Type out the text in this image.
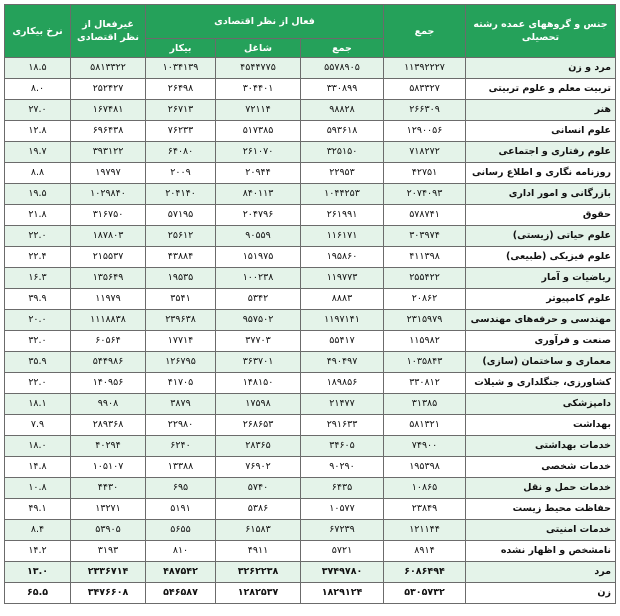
جنس و گروههای عمده رشته تحصیلی	جمع	فعال از نظر اقتصادی			غیرفعال از نظر اقتصادی	نرخ بیکاری
		جمع	شاغل	بیکار		
مرد و زن	۱۱۳۹۲۲۲۷	۵۵۷۸۹۰۵	۴۵۴۴۷۷۵	۱۰۳۴۱۳۹	۵۸۱۳۳۲۲	۱۸.۵
تربیت معلم و علوم تربیتی	۵۸۳۳۲۷	۳۳۰۸۹۹	۳۰۴۴۰۱	۲۶۴۹۸	۲۵۲۴۲۷	۸.۰
هنر	۲۶۶۳۰۹	۹۸۸۲۸	۷۲۱۱۴	۲۶۷۱۳	۱۶۷۴۸۱	۲۷.۰
علوم انسانی	۱۲۹۰۰۵۶	۵۹۳۶۱۸	۵۱۷۳۸۵	۷۶۲۳۳	۶۹۶۴۳۸	۱۲.۸
علوم رفتاری و اجتماعی	۷۱۸۲۷۲	۳۲۵۱۵۰	۲۶۱۰۷۰	۶۴۰۸۰	۳۹۳۱۲۲	۱۹.۷
روزنامه نگاری و اطلاع رسانی	۴۲۷۵۱	۲۲۹۵۳	۲۰۹۴۴	۲۰۰۹	۱۹۷۹۷	۸.۸
بازرگانی و امور اداری	۲۰۷۴۰۹۳	۱۰۴۴۲۵۳	۸۴۰۱۱۳	۲۰۴۱۴۰	۱۰۲۹۸۴۰	۱۹.۵
حقوق	۵۷۸۷۴۱	۲۶۱۹۹۱	۲۰۴۷۹۶	۵۷۱۹۵	۳۱۶۷۵۰	۲۱.۸
علوم حیاتی (زیستی)	۳۰۳۹۷۴	۱۱۶۱۷۱	۹۰۵۵۹	۲۵۶۱۲	۱۸۷۸۰۳	۲۲.۰
علوم فیزیکی (طبیعی)	۴۱۱۳۹۸	۱۹۵۸۶۰	۱۵۱۹۷۵	۴۳۸۸۴	۲۱۵۵۳۷	۲۲.۴
ریاضیات و آمار	۲۵۵۴۲۲	۱۱۹۷۷۳	۱۰۰۲۳۸	۱۹۵۳۵	۱۳۵۶۴۹	۱۶.۳
علوم کامپیوتر	۲۰۸۶۲	۸۸۸۳	۵۳۴۲	۳۵۴۱	۱۱۹۷۹	۳۹.۹
مهندسی و حرفه‌های مهندسی	۲۳۱۵۹۷۹	۱۱۹۷۱۴۱	۹۵۷۵۰۲	۲۳۹۶۳۸	۱۱۱۸۸۳۸	۲۰.۰
صنعت و فرآوری	۱۱۵۹۸۲	۵۵۴۱۷	۳۷۷۰۳	۱۷۷۱۴	۶۰۵۶۴	۳۲.۰
معماری و ساختمان (سازی)	۱۰۳۵۸۴۳	۴۹۰۴۹۷	۳۶۳۷۰۱	۱۲۶۷۹۵	۵۴۴۹۸۶	۳۵.۹
کشاورزی، جنگلداری و شیلات	۳۳۰۸۱۲	۱۸۹۸۵۶	۱۴۸۱۵۰	۴۱۷۰۵	۱۴۰۹۵۶	۲۲.۰
دامپزشکی	۳۱۳۸۵	۲۱۴۷۷	۱۷۵۹۸	۳۸۷۹	۹۹۰۸	۱۸.۱
بهداشت	۵۸۱۳۲۱	۲۹۱۶۳۳	۲۶۸۶۵۳	۲۲۹۸۰	۲۸۹۳۶۸	۷.۹
خدمات بهداشتی	۷۴۹۰۰	۳۴۶۰۵	۲۸۳۶۵	۶۲۴۰	۴۰۲۹۴	۱۸.۰
خدمات شخصی	۱۹۵۳۹۸	۹۰۲۹۰	۷۶۹۰۲	۱۳۳۸۸	۱۰۵۱۰۷	۱۴.۸
خدمات حمل و نقل	۱۰۸۶۵	۶۴۳۵	۵۷۴۰	۶۹۵	۴۴۳۰	۱۰.۸
حفاظت محیط زیست	۲۳۸۴۹	۱۰۵۷۷	۵۳۸۶	۵۱۹۱	۱۳۲۷۱	۴۹.۱
خدمات امنیتی	۱۲۱۱۴۴	۶۷۲۳۹	۶۱۵۸۳	۵۶۵۵	۵۳۹۰۵	۸.۴
نامشخص و اظهار نشده	۸۹۱۴	۵۷۲۱	۴۹۱۱	۸۱۰	۳۱۹۳	۱۴.۲
مرد	۶۰۸۶۴۹۴	۳۷۴۹۷۸۰	۳۲۶۲۲۳۸	۴۸۷۵۴۲	۲۳۳۶۷۱۴	۱۳.۰
زن	۵۳۰۵۷۳۲	۱۸۲۹۱۲۴	۱۲۸۲۵۳۷	۵۴۶۵۸۷	۳۴۷۶۶۰۸	۶۵.۵
